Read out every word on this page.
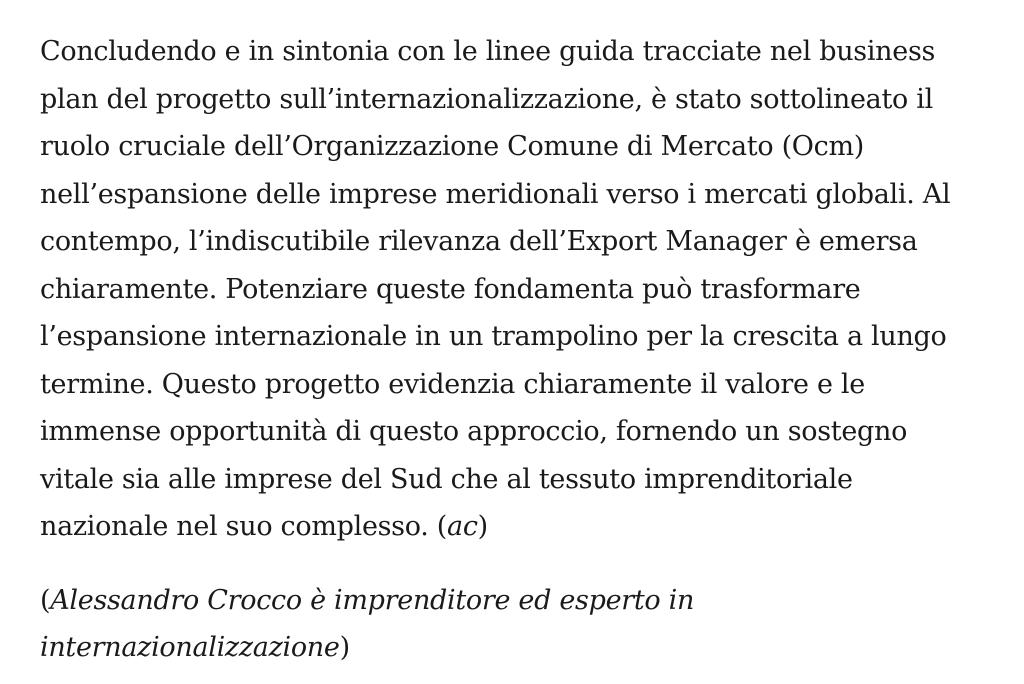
Concludendo e in sintonia con le linee guida tracciate nel business
plan del progetto sull’internazionalizzazione, è stato sottolineato il
ruolo cruciale dell’Organizzazione Comune di Mercato (Ocm)
nell’espansione delle imprese meridionali verso i mercati globali. Al
contempo, l’indiscutibile rilevanza dell’Export Manager è emersa
chiaramente. Potenziare queste fondamenta può trasformare
l’espansione internazionale in un trampolino per la crescita a lungo
termine. Questo progetto evidenzia chiaramente il valore e le
immense opportunità di questo approccio, fornendo un sostegno
vitale sia alle imprese del Sud che al tessuto imprenditoriale
nazionale nel suo complesso. (ac)
(Alessandro Crocco è imprenditore ed esperto in
internazionalizzazione)
